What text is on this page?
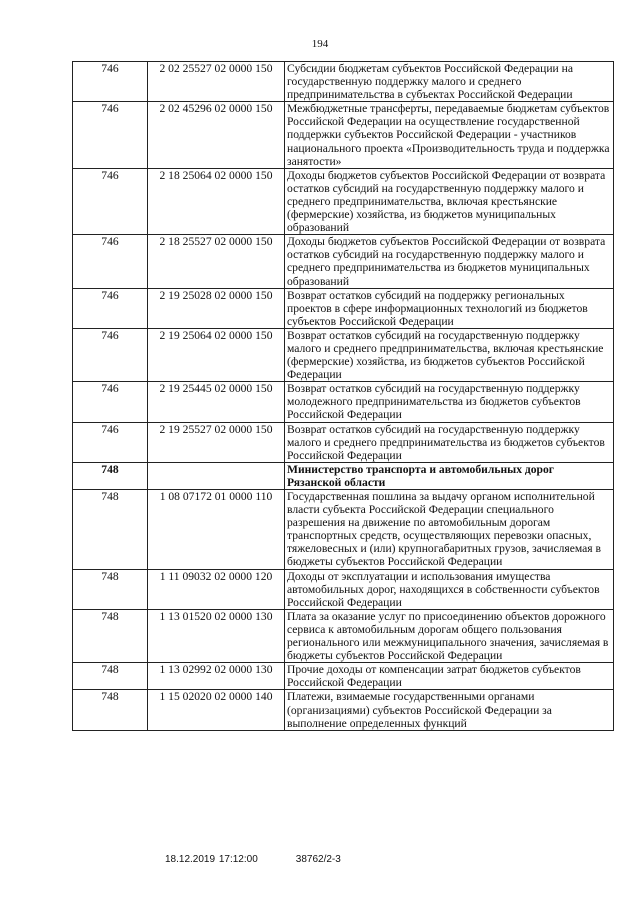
194
746	2 02 25527 02 0000 150	Субсидии бюджетам субъектов Российской Федерации на государственную поддержку малого и среднего предпринимательства в субъектах Российской Федерации
746	2 02 45296 02 0000 150	Межбюджетные трансферты, передаваемые бюджетам субъектов Российской Федерации на осуществление государственной поддержки субъектов Российской Федерации - участников национального проекта «Производительность труда и поддержка занятости»
746	2 18 25064 02 0000 150	Доходы бюджетов субъектов Российской Федерации от возврата остатков субсидий на государственную поддержку малого и среднего предпринимательства, включая крестьянские (фермерские) хозяйства, из бюджетов муниципальных образований
746	2 18 25527 02 0000 150	Доходы бюджетов субъектов Российской Федерации от возврата остатков субсидий на государственную поддержку малого и среднего предпринимательства из бюджетов муниципальных образований
746	2 19 25028 02 0000 150	Возврат остатков субсидий на поддержку региональных проектов в сфере информационных технологий из бюджетов субъектов Российской Федерации
746	2 19 25064 02 0000 150	Возврат остатков субсидий на государственную поддержку малого и среднего предпринимательства, включая крестьянские (фермерские) хозяйства, из бюджетов субъектов Российской Федерации
746	2 19 25445 02 0000 150	Возврат остатков субсидий на государственную поддержку молодежного предпринимательства из бюджетов субъектов Российской Федерации
746	2 19 25527 02 0000 150	Возврат остатков субсидий на государственную поддержку малого и среднего предпринимательства из бюджетов субъектов Российской Федерации
748		Министерство транспорта и автомобильных дорог Рязанской области
748	1 08 07172 01 0000 110	Государственная пошлина за выдачу органом исполнительной власти субъекта Российской Федерации специального разрешения на движение по автомобильным дорогам транспортных средств, осуществляющих перевозки опасных, тяжеловесных и (или) крупногабаритных грузов, зачисляемая в бюджеты субъектов Российской Федерации
748	1 11 09032 02 0000 120	Доходы от эксплуатации и использования имущества автомобильных дорог, находящихся в собственности субъектов Российской Федерации
748	1 13 01520 02 0000 130	Плата за оказание услуг по присоединению объектов дорожного сервиса к автомобильным дорогам общего пользования регионального или межмуниципального значения, зачисляемая в бюджеты субъектов Российской Федерации
748	1 13 02992 02 0000 130	Прочие доходы от компенсации затрат бюджетов субъектов Российской Федерации
748	1 15 02020 02 0000 140	Платежи, взимаемые государственными органами (организациями) субъектов Российской Федерации за выполнение определенных функций
18.12.2019 17:12:00	38762/2-3
